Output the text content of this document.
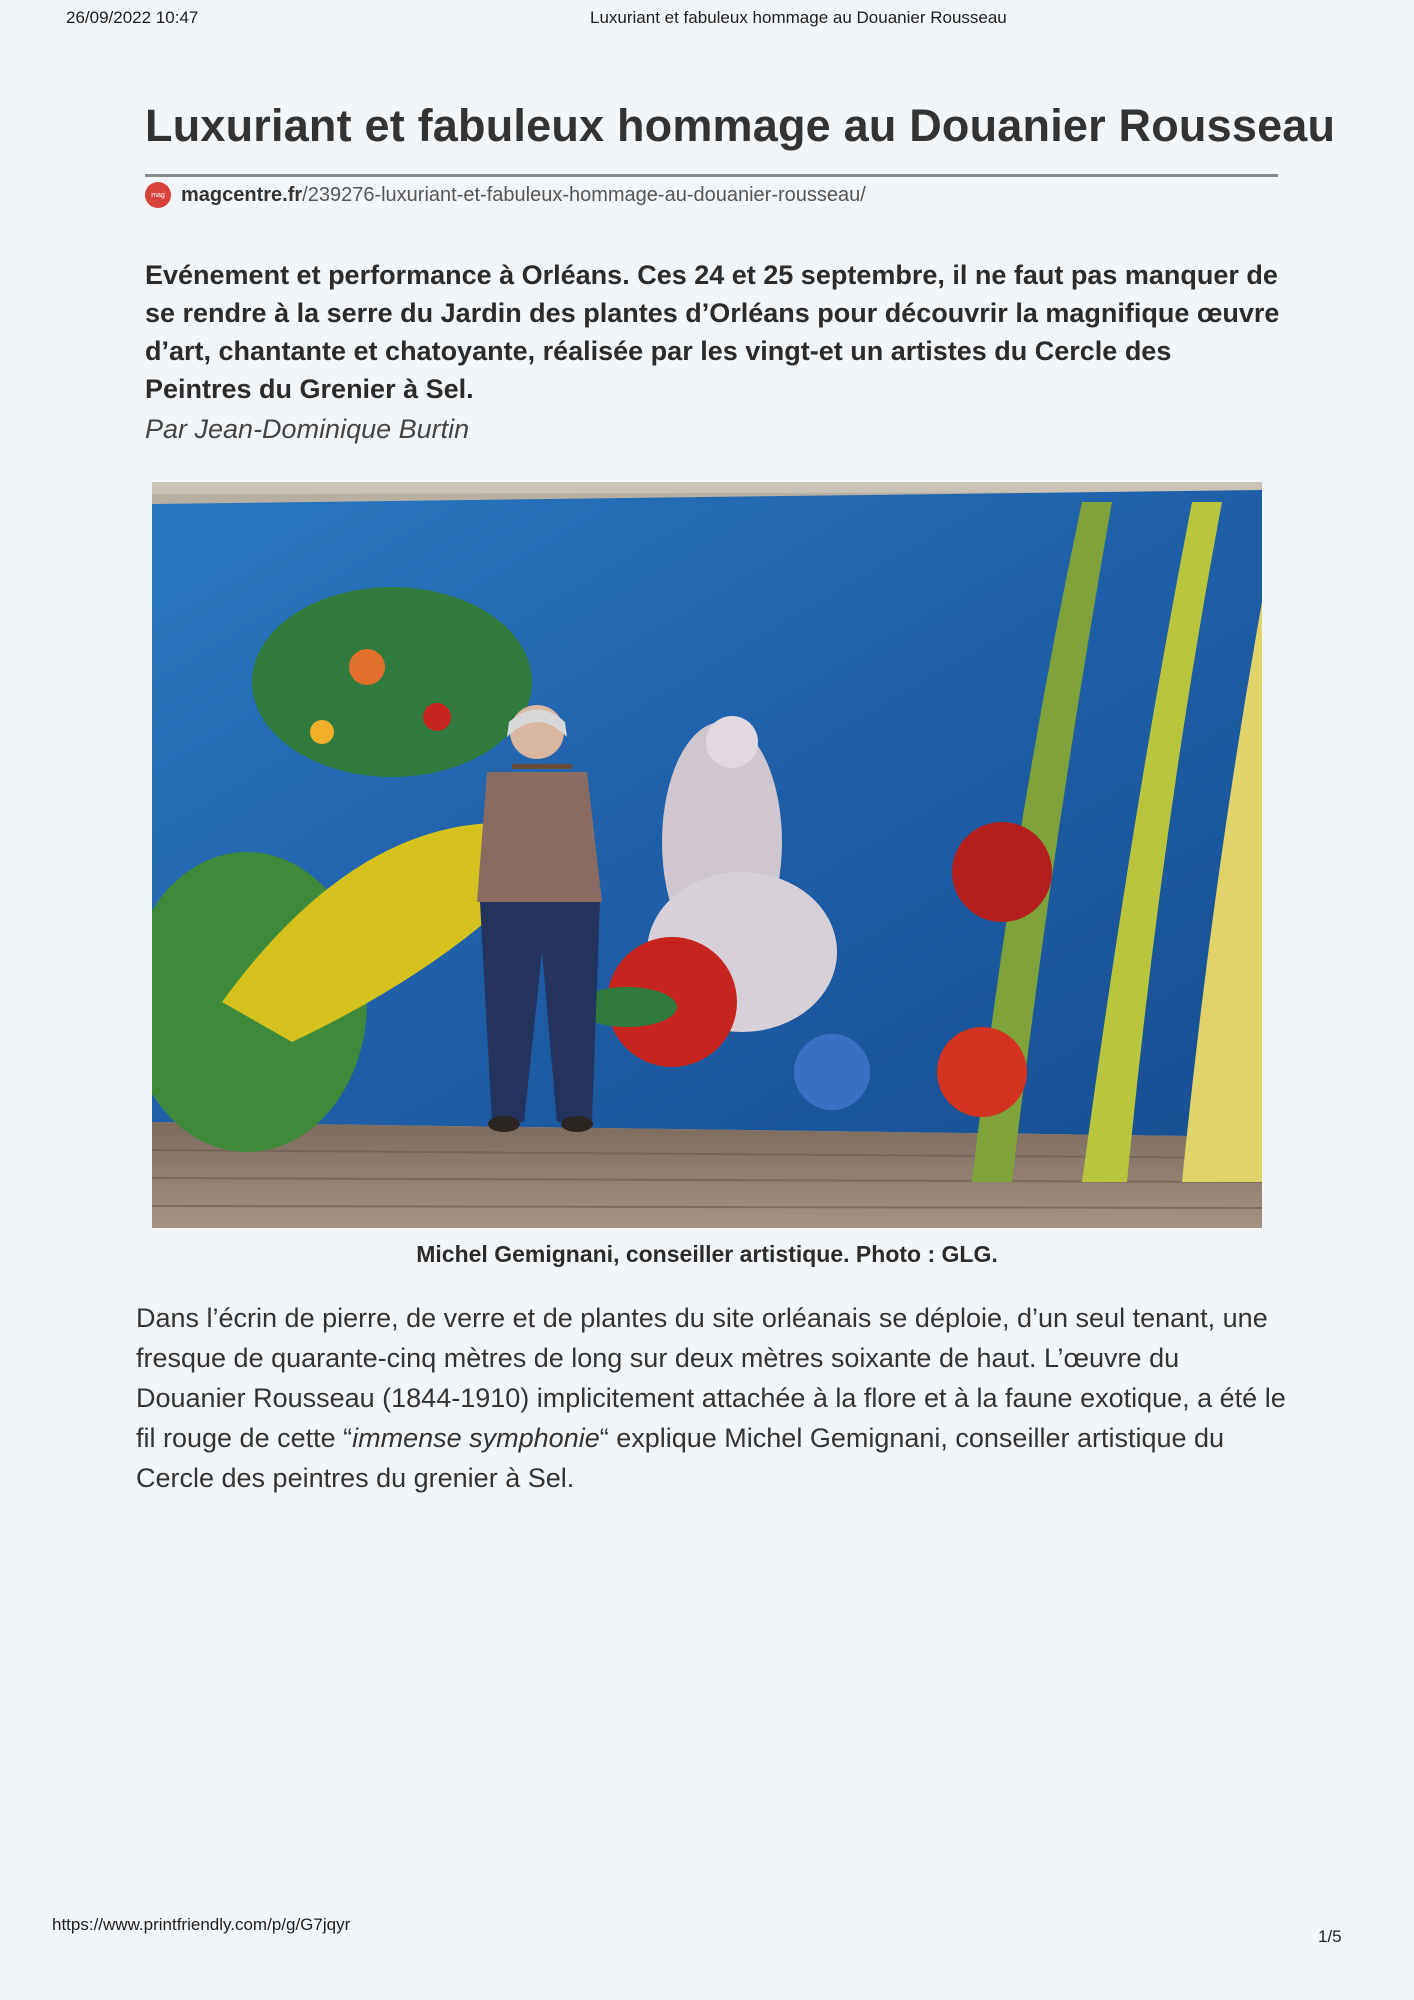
26/09/2022 10:47	Luxuriant et fabuleux hommage au Douanier Rousseau
Luxuriant et fabuleux hommage au Douanier Rousseau
mag magcentre.fr/239276-luxuriant-et-fabuleux-hommage-au-douanier-rousseau/

Evénement et performance à Orléans. Ces 24 et 25 septembre, il ne faut pas manquer de se rendre à la serre du Jardin des plantes d’Orléans pour découvrir la magnifique œuvre d’art, chantante et chatoyante, réalisée par les vingt-et un artistes du Cercle des Peintres du Grenier à Sel.

Par Jean-Dominique Burtin
Michel Gemignani, conseiller artistique. Photo : GLG.

Dans l’écrin de pierre, de verre et de plantes du site orléanais se déploie, d’un seul tenant, une fresque de quarante-cinq mètres de long sur deux mètres soixante de haut. L’œuvre du Douanier Rousseau (1844-1910) implicitement attachée à la flore et à la faune exotique, a été le fil rouge de cette “immense symphonie“ explique Michel Gemignani, conseiller artistique du Cercle des peintres du grenier à Sel.

https://www.printfriendly.com/p/g/G7jqyr
1/5
